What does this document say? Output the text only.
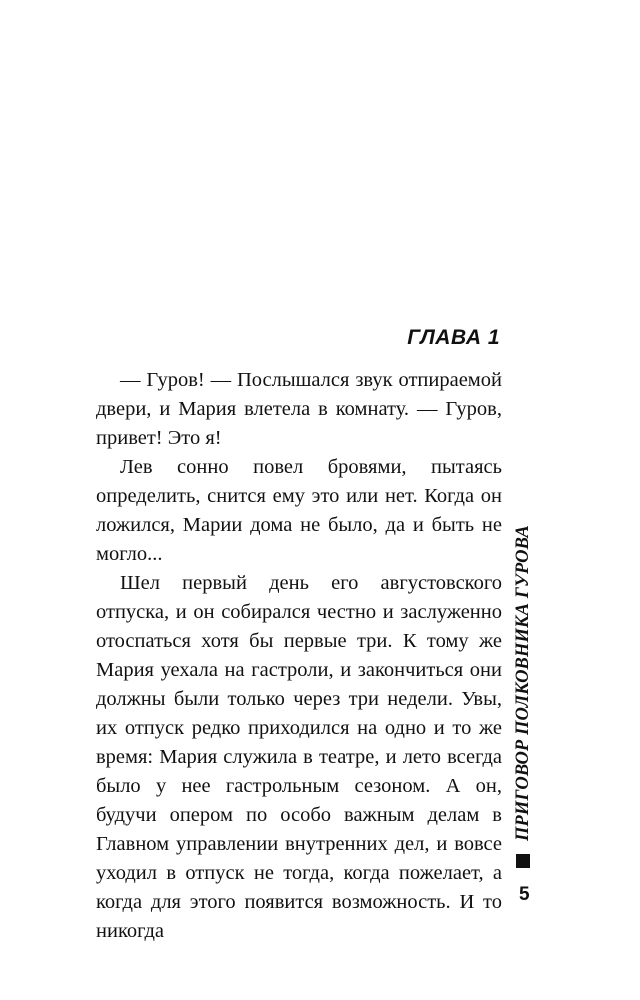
ГЛАВА 1

— Гуров! — Послышался звук отпираемой двери, и Мария влетела в комнату. — Гуров, привет! Это я!

Лев сонно повел бровями, пытаясь определить, снится ему это или нет. Когда он ложился, Марии дома не было, да и быть не могло...

Шел первый день его августовского отпуска, и он собирался честно и заслуженно отоспаться хотя бы первые три. К тому же Мария уехала на гастроли, и закончиться они должны были только через три недели. Увы, их отпуск редко приходился на одно и то же время: Мария служила в театре, и лето всегда было у нее гастрольным сезоном. А он, будучи опером по особо важным делам в Главном управлении внутренних дел, и вовсе уходил в отпуск не тогда, когда пожелает, а когда для этого появится возможность. И то никогда

ПРИГОВОР ПОЛКОВНИКА ГУРОВА
5
